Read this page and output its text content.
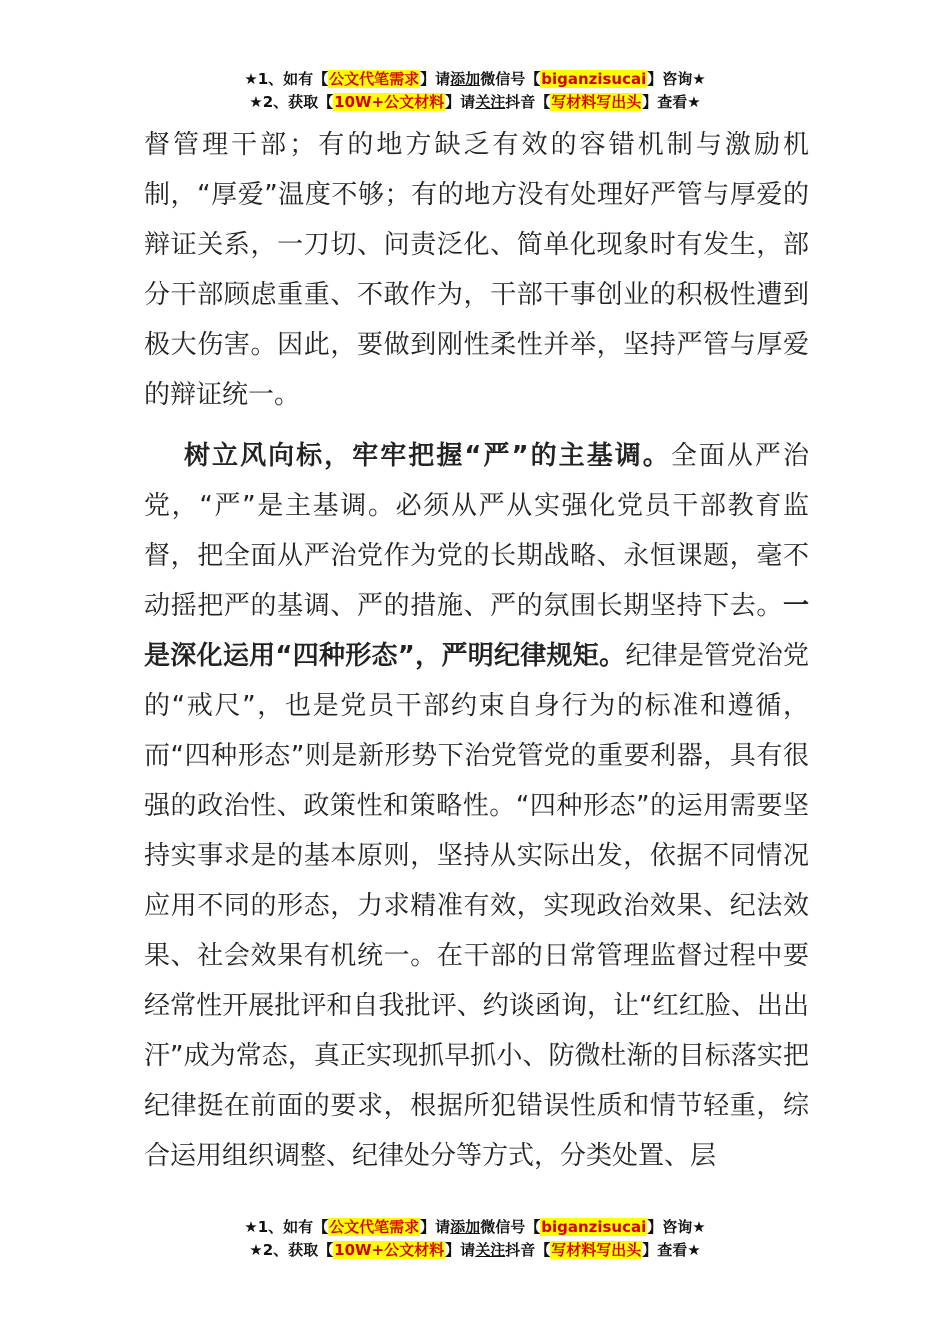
★1、如有【公文代笔需求】请添加微信号【biganzisucai】咨询★
★2、获取【10W+公文材料】请关注抖音【写材料写出头】查看★

督管理干部；有的地方缺乏有效的容错机制与激励机制，“厚爱”温度不够；有的地方没有处理好严管与厚爱的辩证关系，一刀切、问责泛化、简单化现象时有发生，部分干部顾虑重重、不敢作为，干部干事创业的积极性遭到极大伤害。因此，要做到刚性柔性并举，坚持严管与厚爱的辩证统一。

树立风向标，牢牢把握“严”的主基调。全面从严治党，“严”是主基调。必须从严从实强化党员干部教育监督，把全面从严治党作为党的长期战略、永恒课题，毫不动摇把严的基调、严的措施、严的氛围长期坚持下去。一是深化运用“四种形态”，严明纪律规矩。纪律是管党治党的“戒尺”，也是党员干部约束自身行为的标准和遵循，而“四种形态”则是新形势下治党管党的重要利器，具有很强的政治性、政策性和策略性。“四种形态”的运用需要坚持实事求是的基本原则，坚持从实际出发，依据不同情况应用不同的形态，力求精准有效，实现政治效果、纪法效果、社会效果有机统一。在干部的日常管理监督过程中要经常性开展批评和自我批评、约谈函询，让“红红脸、出出汗”成为常态，真正实现抓早抓小、防微杜渐的目标落实把纪律挺在前面的要求，根据所犯错误性质和情节轻重，综合运用组织调整、纪律处分等方式，分类处置、层

★1、如有【公文代笔需求】请添加微信号【biganzisucai】咨询★
★2、获取【10W+公文材料】请关注抖音【写材料写出头】查看★
